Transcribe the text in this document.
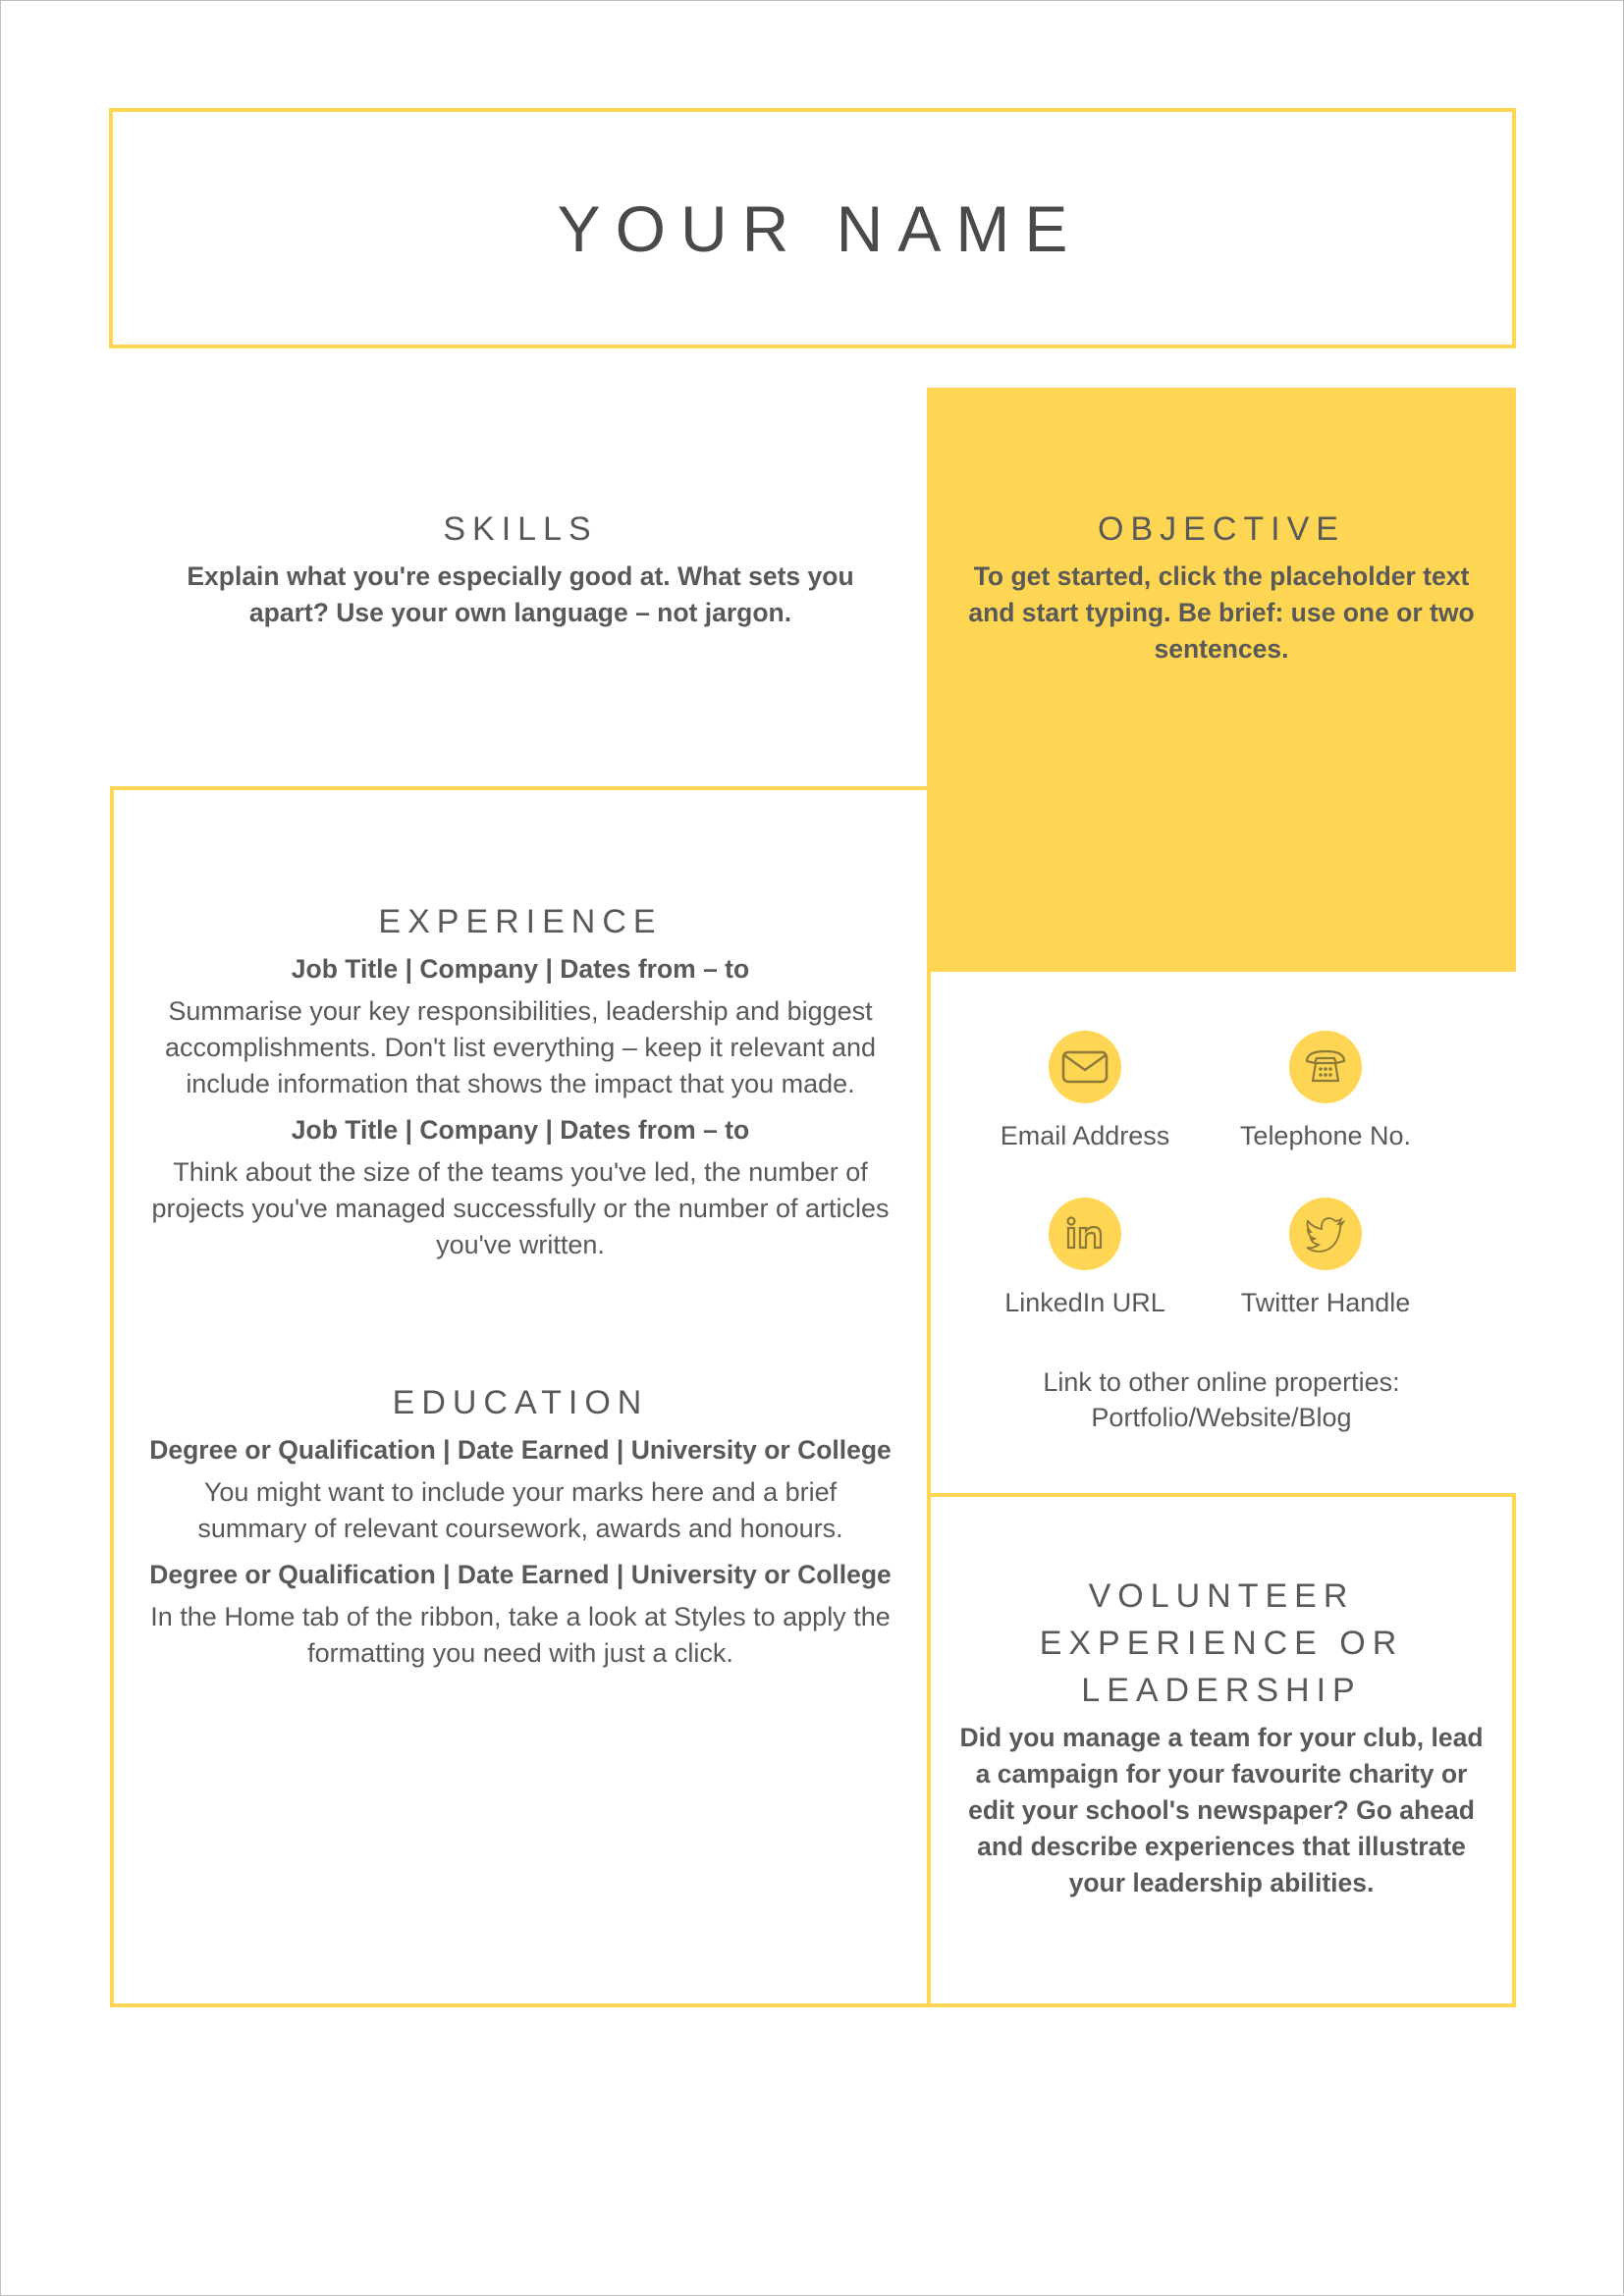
YOUR NAME
SKILLS

Explain what you're especially good at. What sets you apart? Use your own language – not jargon.

OBJECTIVE

To get started, click the placeholder text and start typing. Be brief: use one or two sentences.

EXPERIENCE

Job Title | Company | Dates from – to

Summarise your key responsibilities, leadership and biggest accomplishments. Don't list everything – keep it relevant and include information that shows the impact that you made.

Job Title | Company | Dates from – to

Think about the size of the teams you've led, the number of projects you've managed successfully or the number of articles you've written.

EDUCATION

Degree or Qualification | Date Earned | University or College

You might want to include your marks here and a brief summary of relevant coursework, awards and honours.

Degree or Qualification | Date Earned | University or College

In the Home tab of the ribbon, take a look at Styles to apply the formatting you need with just a click.

Email Address	Telephone No.
LinkedIn URL	Twitter Handle
Link to other online properties:
Portfolio/Website/Blog
VOLUNTEER EXPERIENCE OR LEADERSHIP

Did you manage a team for your club, lead a campaign for your favourite charity or edit your school's newspaper? Go ahead and describe experiences that illustrate your leadership abilities.
